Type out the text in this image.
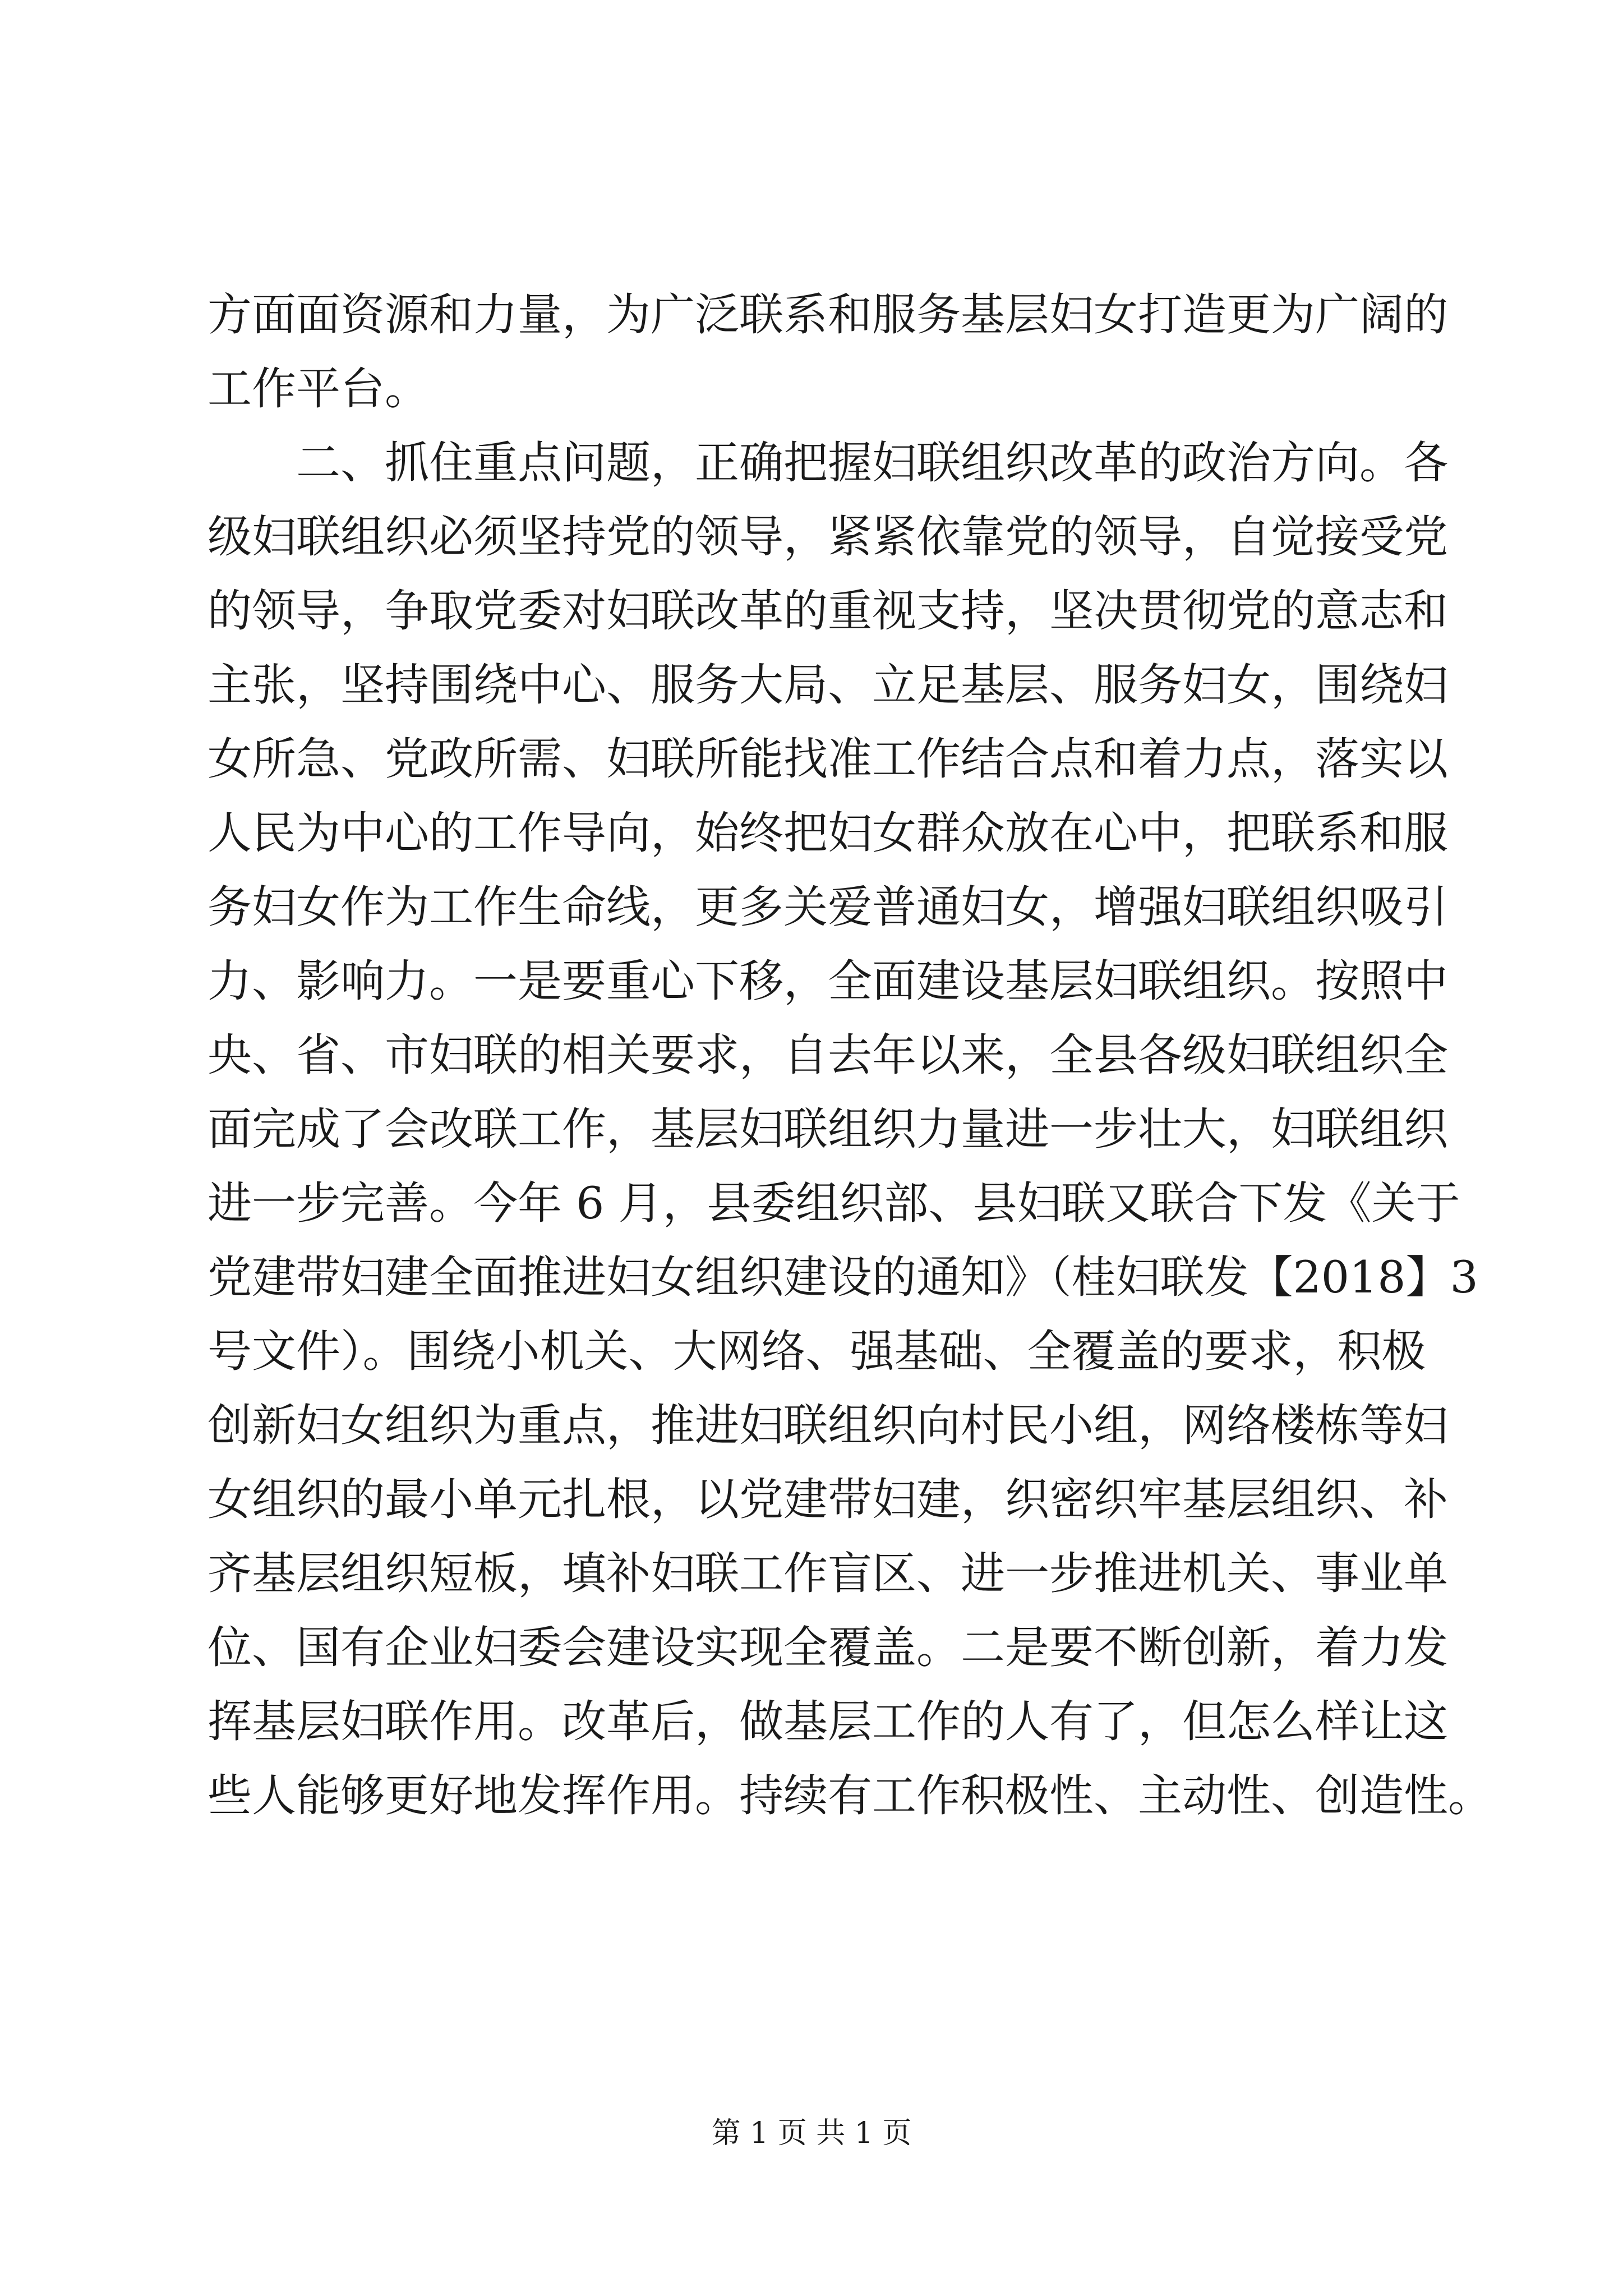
方面面资源和力量，为广泛联系和服务基层妇女打造更为广阔的
工作平台。
二、抓住重点问题，正确把握妇联组织改革的政治方向。各
级妇联组织必须坚持党的领导，紧紧依靠党的领导，自觉接受党
的领导，争取党委对妇联改革的重视支持，坚决贯彻党的意志和
主张，坚持围绕中心、服务大局、立足基层、服务妇女，围绕妇
女所急、党政所需、妇联所能找准工作结合点和着力点，落实以
人民为中心的工作导向，始终把妇女群众放在心中，把联系和服
务妇女作为工作生命线，更多关爱普通妇女，增强妇联组织吸引
力、影响力。一是要重心下移，全面建设基层妇联组织。按照中
央、省、市妇联的相关要求，自去年以来，全县各级妇联组织全
面完成了会改联工作，基层妇联组织力量进一步壮大，妇联组织
进一步完善。今年 6 月，县委组织部、县妇联又联合下发《关于
党建带妇建全面推进妇女组织建设的通知》（桂妇联发【2018】3
号文件）。围绕小机关、大网络、强基础、全覆盖的要求，积极
创新妇女组织为重点，推进妇联组织向村民小组，网络楼栋等妇
女组织的最小单元扎根，以党建带妇建，织密织牢基层组织、补
齐基层组织短板，填补妇联工作盲区、进一步推进机关、事业单
位、国有企业妇委会建设实现全覆盖。二是要不断创新，着力发
挥基层妇联作用。改革后，做基层工作的人有了，但怎么样让这
些人能够更好地发挥作用。持续有工作积极性、主动性、创造性。
第 1 页 共 1 页
